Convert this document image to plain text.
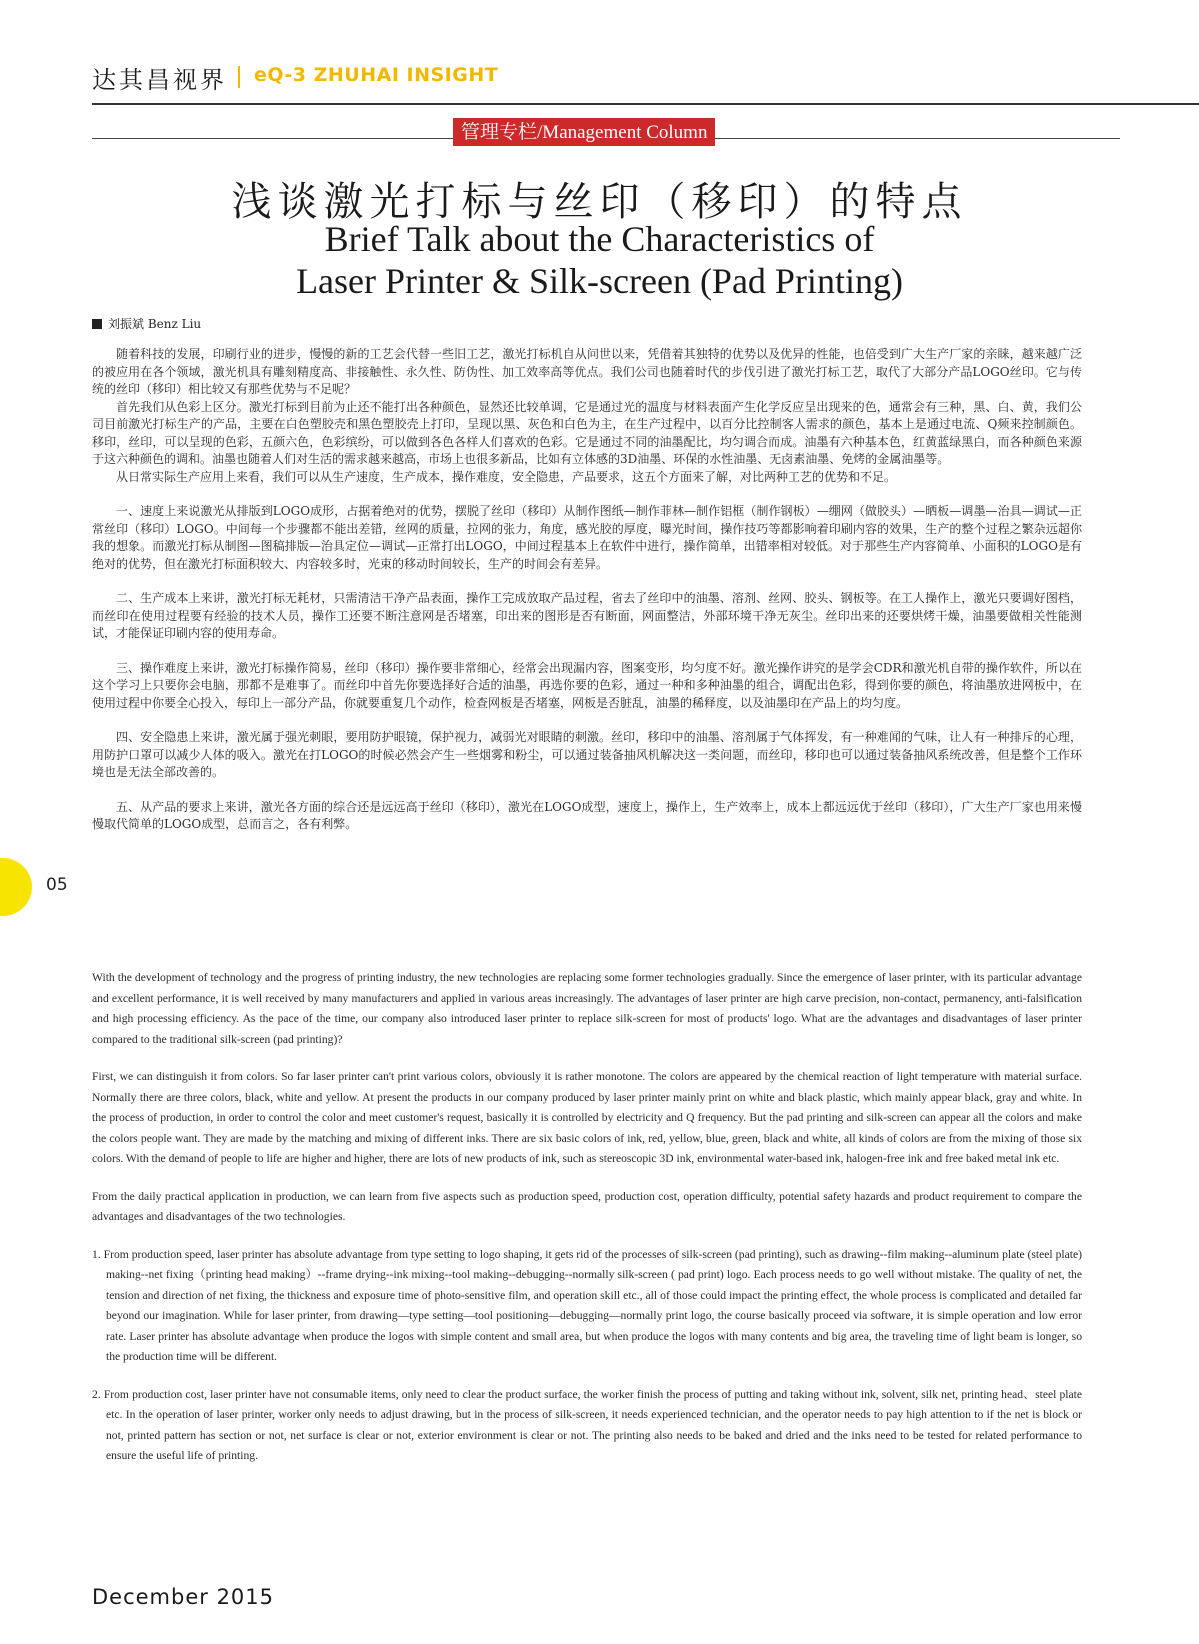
达其昌视界 eQ-3 ZHUHAI INSIGHT
管理专栏/Management Column
浅谈激光打标与丝印（移印）的特点
Brief Talk about the Characteristics of
Laser Printer & Silk-screen (Pad Printing)
刘振斌 Benz Liu

随着科技的发展，印刷行业的进步，慢慢的新的工艺会代替一些旧工艺，激光打标机自从问世以来，凭借着其独特的优势以及优异的性能，也倍受到广大生产厂家的亲睐，越来越广泛的被应用在各个领域，激光机具有雕刻精度高、非接触性、永久性、防伪性、加工效率高等优点。我们公司也随着时代的步伐引进了激光打标工艺，取代了大部分产品LOGO丝印。它与传统的丝印（移印）相比较又有那些优势与不足呢？

首先我们从色彩上区分。激光打标到目前为止还不能打出各种颜色，显然还比较单调，它是通过光的温度与材料表面产生化学反应呈出现来的色，通常会有三种，黑、白、黄，我们公司目前激光打标生产的产品，主要在白色塑胶壳和黑色塑胶壳上打印，呈现以黑、灰色和白色为主，在生产过程中，以百分比控制客人需求的颜色，基本上是通过电流、Q频来控制颜色。移印，丝印，可以呈现的色彩，五颜六色，色彩缤纷，可以做到各色各样人们喜欢的色彩。它是通过不同的油墨配比，均匀调合而成。油墨有六种基本色，红黄蓝绿黑白，而各种颜色来源于这六种颜色的调和。油墨也随着人们对生活的需求越来越高，市场上也很多新品，比如有立体感的3D油墨、环保的水性油墨、无卤素油墨、免烤的金属油墨等。

从日常实际生产应用上来看，我们可以从生产速度，生产成本，操作难度，安全隐患，产品要求，这五个方面来了解，对比两种工艺的优势和不足。

一、速度上来说激光从排版到LOGO成形，占据着绝对的优势，摆脱了丝印（移印）从制作图纸—制作菲林—制作铝框（制作钢板）—绷网（做胶头）—晒板—调墨—治具—调试—正常丝印（移印）LOGO。中间每一个步骤都不能出差错，丝网的质量，拉网的张力，角度，感光胶的厚度，曝光时间，操作技巧等都影响着印刷内容的效果，生产的整个过程之繁杂远超你我的想象。而激光打标从制图—图稿排版—治具定位—调试—正常打出LOGO，中间过程基本上在软件中进行，操作简单，出错率相对较低。对于那些生产内容简单、小面积的LOGO是有绝对的优势，但在激光打标面积较大、内容较多时，光束的移动时间较长，生产的时间会有差异。

二、生产成本上来讲，激光打标无耗材，只需清洁干净产品表面，操作工完成放取产品过程，省去了丝印中的油墨、溶剂、丝网、胶头、钢板等。在工人操作上，激光只要调好图档，而丝印在使用过程要有经验的技术人员，操作工还要不断注意网是否堵塞，印出来的图形是否有断面，网面整洁，外部环境干净无灰尘。丝印出来的还要烘烤干燥，油墨要做相关性能测试，才能保证印刷内容的使用寿命。

三、操作难度上来讲，激光打标操作简易，丝印（移印）操作要非常细心，经常会出现漏内容，图案变形，均匀度不好。激光操作讲究的是学会CDR和激光机自带的操作软件，所以在这个学习上只要你会电脑，那都不是难事了。而丝印中首先你要选择好合适的油墨，再选你要的色彩，通过一种和多种油墨的组合，调配出色彩，得到你要的颜色，将油墨放进网板中，在使用过程中你要全心投入，每印上一部分产品，你就要重复几个动作，检查网板是否堵塞，网板是否脏乱，油墨的稀释度，以及油墨印在产品上的均匀度。

四、安全隐患上来讲，激光属于强光刺眼，要用防护眼镜，保护视力，减弱光对眼睛的刺激。丝印，移印中的油墨、溶剂属于气体挥发，有一种难闻的气味，让人有一种排斥的心理，用防护口罩可以减少人体的吸入。激光在打LOGO的时候必然会产生一些烟雾和粉尘，可以通过装备抽风机解决这一类问题，而丝印，移印也可以通过装备抽风系统改善，但是整个工作环境也是无法全部改善的。

五、从产品的要求上来讲，激光各方面的综合还是远远高于丝印（移印），激光在LOGO成型，速度上，操作上，生产效率上，成本上都远远优于丝印（移印），广大生产厂家也用来慢慢取代简单的LOGO成型，总而言之，各有利弊。

05

With the development of technology and the progress of printing industry, the new technologies are replacing some former technologies gradually. Since the emergence of laser printer, with its particular advantage and excellent performance, it is well received by many manufacturers and applied in various areas increasingly. The advantages of laser printer are high carve precision, non-contact, permanency, anti-falsification and high processing efficiency. As the pace of the time, our company also introduced laser printer to replace silk-screen for most of products' logo. What are the advantages and disadvantages of laser printer compared to the traditional silk-screen (pad printing)?

First, we can distinguish it from colors. So far laser printer can't print various colors, obviously it is rather monotone. The colors are appeared by the chemical reaction of light temperature with material surface. Normally there are three colors, black, white and yellow. At present the products in our company produced by laser printer mainly print on white and black plastic, which mainly appear black, gray and white. In the process of production, in order to control the color and meet customer's request, basically it is controlled by electricity and Q frequency. But the pad printing and silk-screen can appear all the colors and make the colors people want. They are made by the matching and mixing of different inks. There are six basic colors of ink, red, yellow, blue, green, black and white, all kinds of colors are from the mixing of those six colors. With the demand of people to life are higher and higher, there are lots of new products of ink, such as stereoscopic 3D ink, environmental water-based ink, halogen-free ink and free baked metal ink etc.

From the daily practical application in production, we can learn from five aspects such as production speed, production cost, operation difficulty, potential safety hazards and product requirement to compare the advantages and disadvantages of the two technologies.

1. From production speed, laser printer has absolute advantage from type setting to logo shaping, it gets rid of the processes of silk-screen (pad printing), such as drawing--film making--aluminum plate (steel plate) making--net fixing（printing head making）--frame drying--ink mixing--tool making--debugging--normally silk-screen ( pad print) logo. Each process needs to go well without mistake. The quality of net, the tension and direction of net fixing, the thickness and exposure time of photo-sensitive film, and operation skill etc., all of those could impact the printing effect, the whole process is complicated and detailed far beyond our imagination. While for laser printer, from drawing—type setting—tool positioning—debugging—normally print logo, the course basically proceed via software, it is simple operation and low error rate. Laser printer has absolute advantage when produce the logos with simple content and small area, but when produce the logos with many contents and big area, the traveling time of light beam is longer, so the production time will be different.

2. From production cost, laser printer have not consumable items, only need to clear the product surface, the worker finish the process of putting and taking without ink, solvent, silk net, printing head、steel plate etc. In the operation of laser printer, worker only needs to adjust drawing, but in the process of silk-screen, it needs experienced technician, and the operator needs to pay high attention to if the net is block or not, printed pattern has section or not, net surface is clear or not, exterior environment is clear or not. The printing also needs to be baked and dried and the inks need to be tested for related performance to ensure the useful life of printing.

December 2015
